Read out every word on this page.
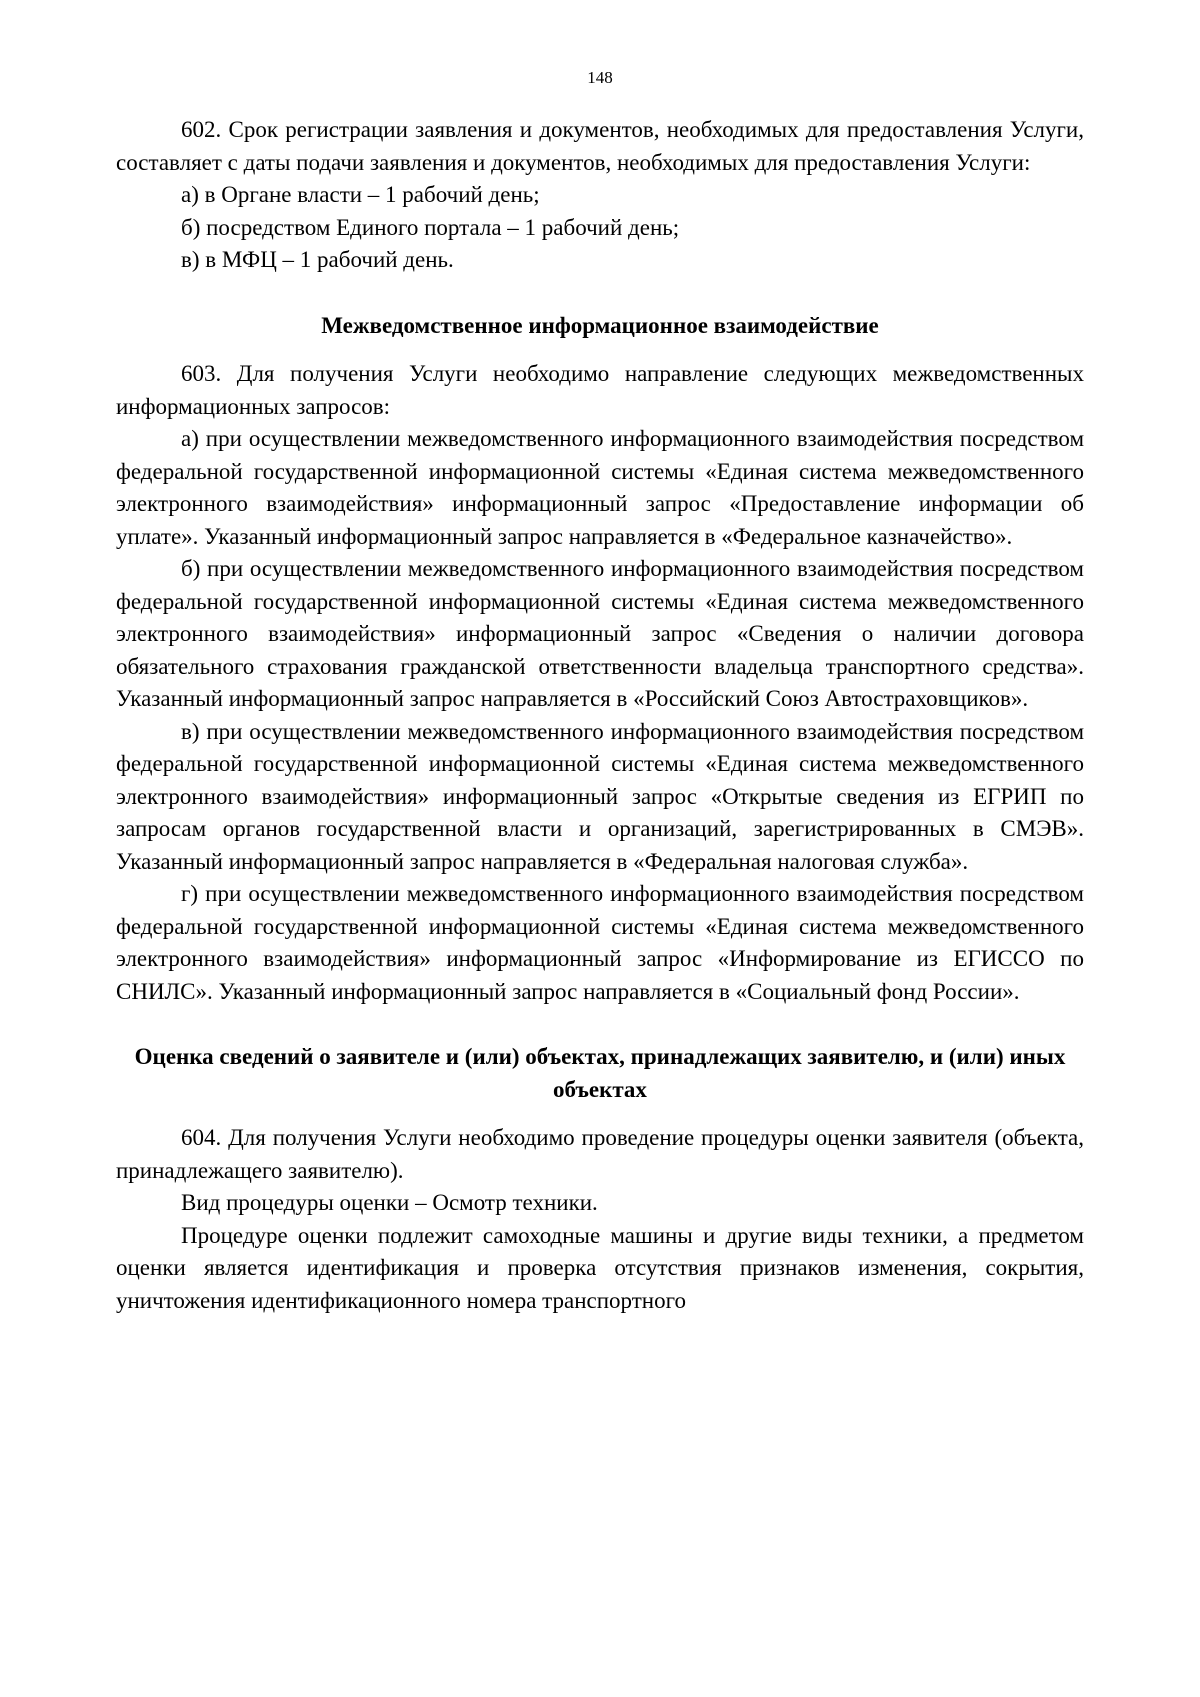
148

602. Срок регистрации заявления и документов, необходимых для предоставления Услуги, составляет с даты подачи заявления и документов, необходимых для предоставления Услуги:

а) в Органе власти – 1 рабочий день;

б) посредством Единого портала – 1 рабочий день;

в) в МФЦ – 1 рабочий день.

Межведомственное информационное взаимодействие

603. Для получения Услуги необходимо направление следующих межведомственных информационных запросов:

а) при осуществлении межведомственного информационного взаимодействия посредством федеральной государственной информационной системы «Единая система межведомственного электронного взаимодействия» информационный запрос «Предоставление информации об уплате». Указанный информационный запрос направляется в «Федеральное казначейство».

б) при осуществлении межведомственного информационного взаимодействия посредством федеральной государственной информационной системы «Единая система межведомственного электронного взаимодействия» информационный запрос «Сведения о наличии договора обязательного страхования гражданской ответственности владельца транспортного средства». Указанный информационный запрос направляется в «Российский Союз Автостраховщиков».

в) при осуществлении межведомственного информационного взаимодействия посредством федеральной государственной информационной системы «Единая система межведомственного электронного взаимодействия» информационный запрос «Открытые сведения из ЕГРИП по запросам органов государственной власти и организаций, зарегистрированных в СМЭВ». Указанный информационный запрос направляется в «Федеральная налоговая служба».

г) при осуществлении межведомственного информационного взаимодействия посредством федеральной государственной информационной системы «Единая система межведомственного электронного взаимодействия» информационный запрос «Информирование из ЕГИССО по СНИЛС». Указанный информационный запрос направляется в «Социальный фонд России».

Оценка сведений о заявителе и (или) объектах, принадлежащих заявителю, и (или) иных объектах

604. Для получения Услуги необходимо проведение процедуры оценки заявителя (объекта, принадлежащего заявителю).

Вид процедуры оценки – Осмотр техники.

Процедуре оценки подлежит самоходные машины и другие виды техники, а предметом оценки является идентификация и проверка отсутствия признаков изменения, сокрытия, уничтожения идентификационного номера транспортного
